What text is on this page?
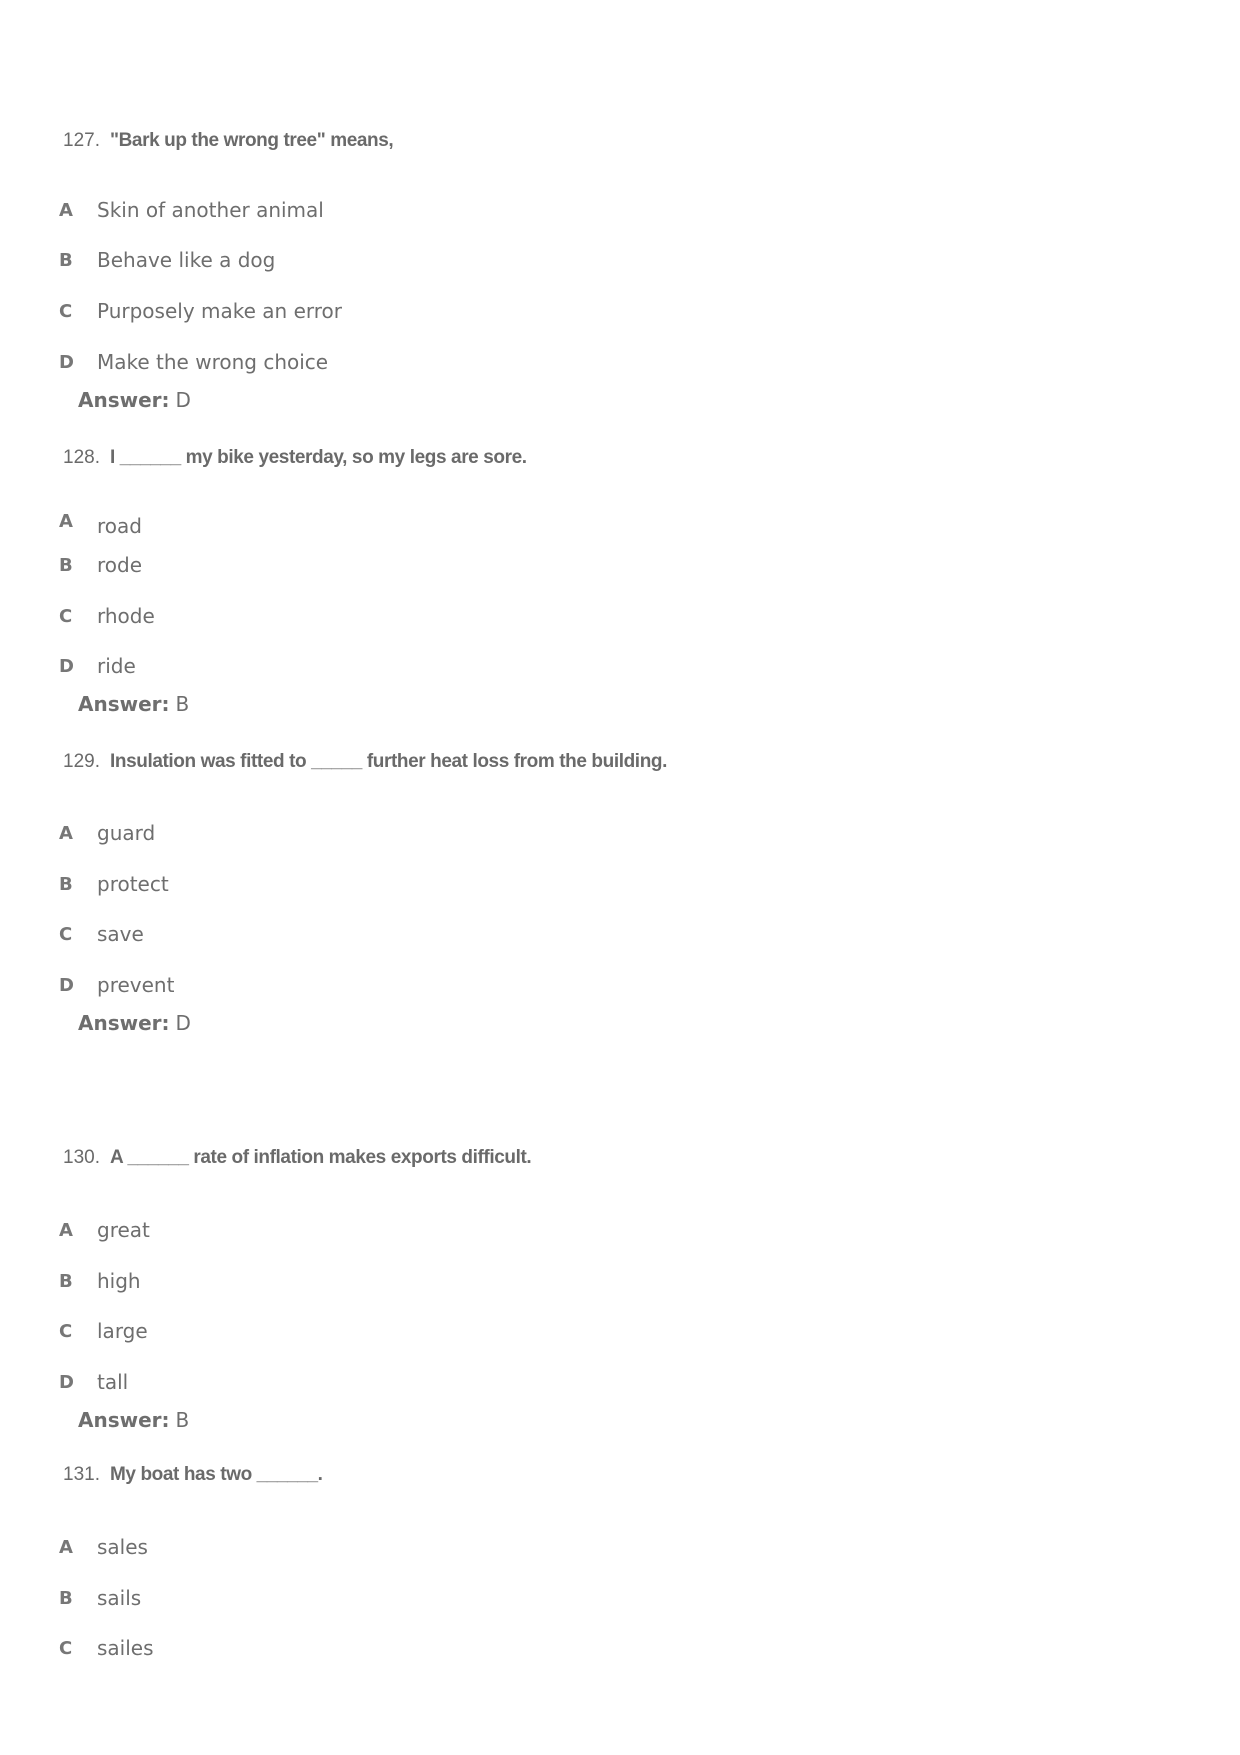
127. "Bark up the wrong tree" means,
A Skin of another animal
B Behave like a dog
C Purposely make an error
D Make the wrong choice
Answer: D
128. I ______ my bike yesterday, so my legs are sore.
A road
B rode
C rhode
D ride
Answer: B
129. Insulation was fitted to _____ further heat loss from the building.
A guard
B protect
C save
D prevent
Answer: D
130. A ______ rate of inflation makes exports difficult.
A great
B high
C large
D tall
Answer: B
131. My boat has two ______.
A sales
B sails
C sailes
